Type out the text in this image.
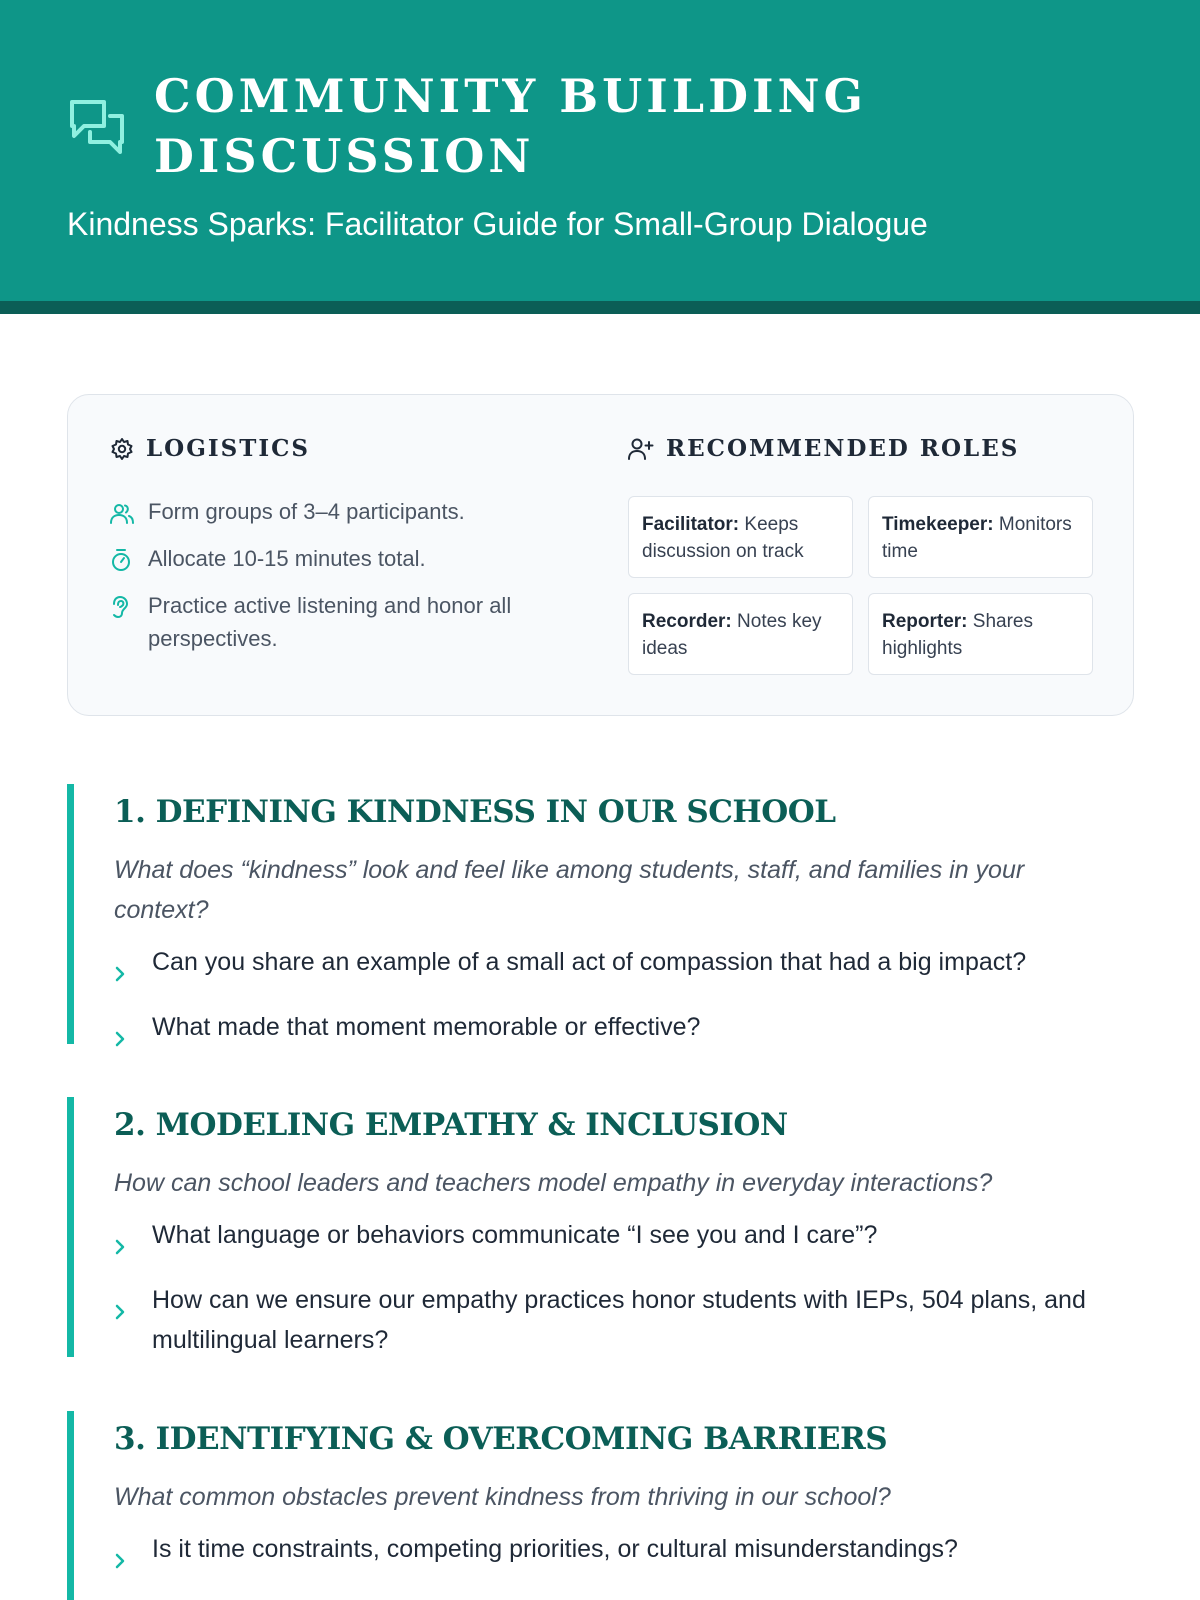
COMMUNITY BUILDING DISCUSSION
Kindness Sparks: Facilitator Guide for Small-Group Dialogue
LOGISTICS
Form groups of 3–4 participants.
Allocate 10-15 minutes total.
Practice active listening and honor all perspectives.
RECOMMENDED ROLES
Facilitator: Keeps discussion on track
Timekeeper: Monitors time
Recorder: Notes key ideas
Reporter: Shares highlights
1. DEFINING KINDNESS IN OUR SCHOOL
What does “kindness” look and feel like among students, staff, and families in your context?
Can you share an example of a small act of compassion that had a big impact?
What made that moment memorable or effective?
2. MODELING EMPATHY & INCLUSION
How can school leaders and teachers model empathy in everyday interactions?
What language or behaviors communicate “I see you and I care”?
How can we ensure our empathy practices honor students with IEPs, 504 plans, and multilingual learners?
3. IDENTIFYING & OVERCOMING BARRIERS
What common obstacles prevent kindness from thriving in our school?
Is it time constraints, competing priorities, or cultural misunderstandings?
